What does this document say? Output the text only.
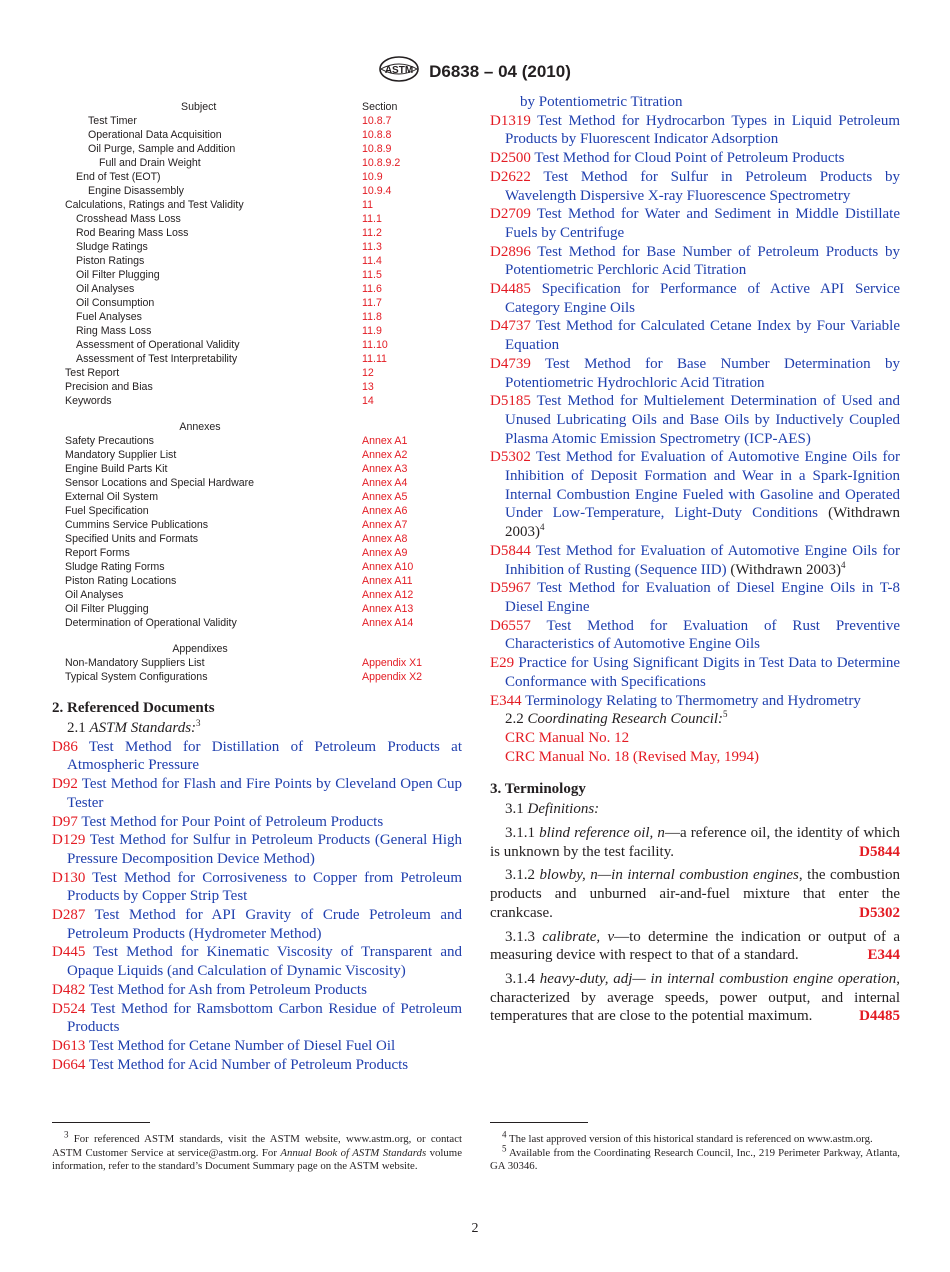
ASTM D6838 – 04 (2010)
Subject	Section
Test Timer	10.8.7
Operational Data Acquisition	10.8.8
Oil Purge, Sample and Addition	10.8.9
Full and Drain Weight	10.8.9.2
End of Test (EOT)	10.9
Engine Disassembly	10.9.4
Calculations, Ratings and Test Validity	11
Crosshead Mass Loss	11.1
Rod Bearing Mass Loss	11.2
Sludge Ratings	11.3
Piston Ratings	11.4
Oil Filter Plugging	11.5
Oil Analyses	11.6
Oil Consumption	11.7
Fuel Analyses	11.8
Ring Mass Loss	11.9
Assessment of Operational Validity	11.10
Assessment of Test Interpretability	11.11
Test Report	12
Precision and Bias	13
Keywords	14
Annexes
Safety Precautions	Annex A1
Mandatory Supplier List	Annex A2
Engine Build Parts Kit	Annex A3
Sensor Locations and Special Hardware	Annex A4
External Oil System	Annex A5
Fuel Specification	Annex A6
Cummins Service Publications	Annex A7
Specified Units and Formats	Annex A8
Report Forms	Annex A9
Sludge Rating Forms	Annex A10
Piston Rating Locations	Annex A11
Oil Analyses	Annex A12
Oil Filter Plugging	Annex A13
Determination of Operational Validity	Annex A14
Appendixes
Non-Mandatory Suppliers List	Appendix X1
Typical System Configurations	Appendix X2

2. Referenced Documents

2.1 ASTM Standards:$^3$

D86 Test Method for Distillation of Petroleum Products at Atmospheric Pressure

D92 Test Method for Flash and Fire Points by Cleveland Open Cup Tester

D97 Test Method for Pour Point of Petroleum Products

D129 Test Method for Sulfur in Petroleum Products (General High Pressure Decomposition Device Method)

D130 Test Method for Corrosiveness to Copper from Petroleum Products by Copper Strip Test

D287 Test Method for API Gravity of Crude Petroleum and Petroleum Products (Hydrometer Method)

D445 Test Method for Kinematic Viscosity of Transparent and Opaque Liquids (and Calculation of Dynamic Viscosity)

D482 Test Method for Ash from Petroleum Products

D524 Test Method for Ramsbottom Carbon Residue of Petroleum Products

D613 Test Method for Cetane Number of Diesel Fuel Oil

D664 Test Method for Acid Number of Petroleum Products

by Potentiometric Titration

D1319 Test Method for Hydrocarbon Types in Liquid Petroleum Products by Fluorescent Indicator Adsorption

D2500 Test Method for Cloud Point of Petroleum Products

D2622 Test Method for Sulfur in Petroleum Products by Wavelength Dispersive X-ray Fluorescence Spectrometry

D2709 Test Method for Water and Sediment in Middle Distillate Fuels by Centrifuge

D2896 Test Method for Base Number of Petroleum Products by Potentiometric Perchloric Acid Titration

D4485 Specification for Performance of Active API Service Category Engine Oils

D4737 Test Method for Calculated Cetane Index by Four Variable Equation

D4739 Test Method for Base Number Determination by Potentiometric Hydrochloric Acid Titration

D5185 Test Method for Multielement Determination of Used and Unused Lubricating Oils and Base Oils by Inductively Coupled Plasma Atomic Emission Spectrometry (ICP-AES)

D5302 Test Method for Evaluation of Automotive Engine Oils for Inhibition of Deposit Formation and Wear in a Spark-Ignition Internal Combustion Engine Fueled with Gasoline and Operated Under Low-Temperature, Light-Duty Conditions (Withdrawn 2003)$^4$

D5844 Test Method for Evaluation of Automotive Engine Oils for Inhibition of Rusting (Sequence IID) (Withdrawn 2003)$^4$

D5967 Test Method for Evaluation of Diesel Engine Oils in T-8 Diesel Engine

D6557 Test Method for Evaluation of Rust Preventive Characteristics of Automotive Engine Oils

E29 Practice for Using Significant Digits in Test Data to Determine Conformance with Specifications

E344 Terminology Relating to Thermometry and Hydrometry

2.2 Coordinating Research Council:$^5$

CRC Manual No. 12

CRC Manual No. 18 (Revised May, 1994)

3. Terminology

3.1 Definitions:

3.1.1 blind reference oil, n—a reference oil, the identity of which is unknown by the test facility.	D5844

3.1.2 blowby, n—in internal combustion engines, the combustion products and unburned air-and-fuel mixture that enter the crankcase.	D5302

3.1.3 calibrate, v—to determine the indication or output of a measuring device with respect to that of a standard.	E344

3.1.4 heavy-duty, adj— in internal combustion engine operation, characterized by average speeds, power output, and internal temperatures that are close to the potential maximum.	D4485

$^3$ For referenced ASTM standards, visit the ASTM website, www.astm.org, or contact ASTM Customer Service at service@astm.org. For Annual Book of ASTM Standards volume information, refer to the standard’s Document Summary page on the ASTM website.

$^4$ The last approved version of this historical standard is referenced on www.astm.org.

$^5$ Available from the Coordinating Research Council, Inc., 219 Perimeter Parkway, Atlanta, GA 30346.

2
